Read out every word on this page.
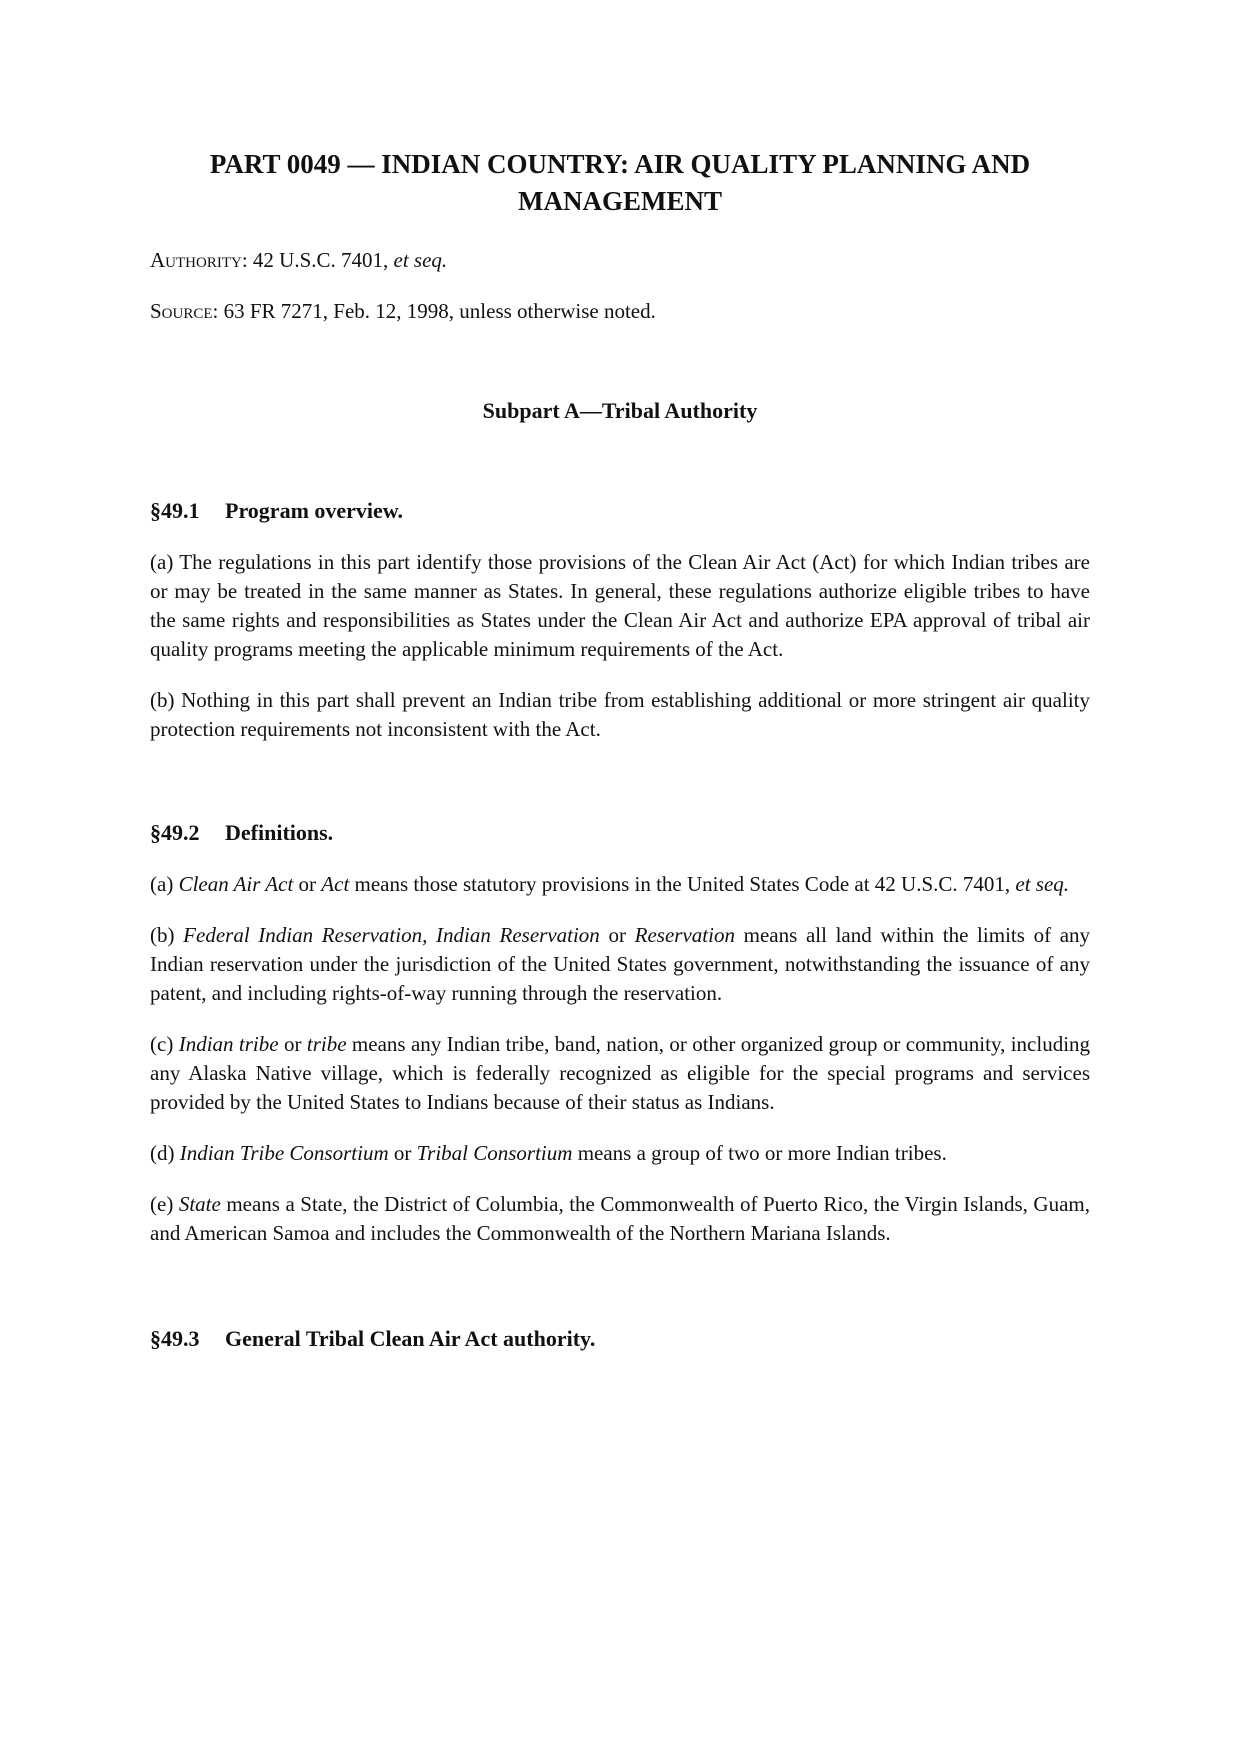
PART 0049 — INDIAN COUNTRY: AIR QUALITY PLANNING AND MANAGEMENT

Authority: 42 U.S.C. 7401, et seq.

Source: 63 FR 7271, Feb. 12, 1998, unless otherwise noted.

Subpart A—Tribal Authority
§49.1 Program overview.

(a) The regulations in this part identify those provisions of the Clean Air Act (Act) for which Indian tribes are or may be treated in the same manner as States. In general, these regulations authorize eligible tribes to have the same rights and responsibilities as States under the Clean Air Act and authorize EPA approval of tribal air quality programs meeting the applicable minimum requirements of the Act.

(b) Nothing in this part shall prevent an Indian tribe from establishing additional or more stringent air quality protection requirements not inconsistent with the Act.

§49.2 Definitions.

(a) Clean Air Act or Act means those statutory provisions in the United States Code at 42 U.S.C. 7401, et seq.

(b) Federal Indian Reservation, Indian Reservation or Reservation means all land within the limits of any Indian reservation under the jurisdiction of the United States government, notwithstanding the issuance of any patent, and including rights-of-way running through the reservation.

(c) Indian tribe or tribe means any Indian tribe, band, nation, or other organized group or community, including any Alaska Native village, which is federally recognized as eligible for the special programs and services provided by the United States to Indians because of their status as Indians.

(d) Indian Tribe Consortium or Tribal Consortium means a group of two or more Indian tribes.

(e) State means a State, the District of Columbia, the Commonwealth of Puerto Rico, the Virgin Islands, Guam, and American Samoa and includes the Commonwealth of the Northern Mariana Islands.

§49.3 General Tribal Clean Air Act authority.
